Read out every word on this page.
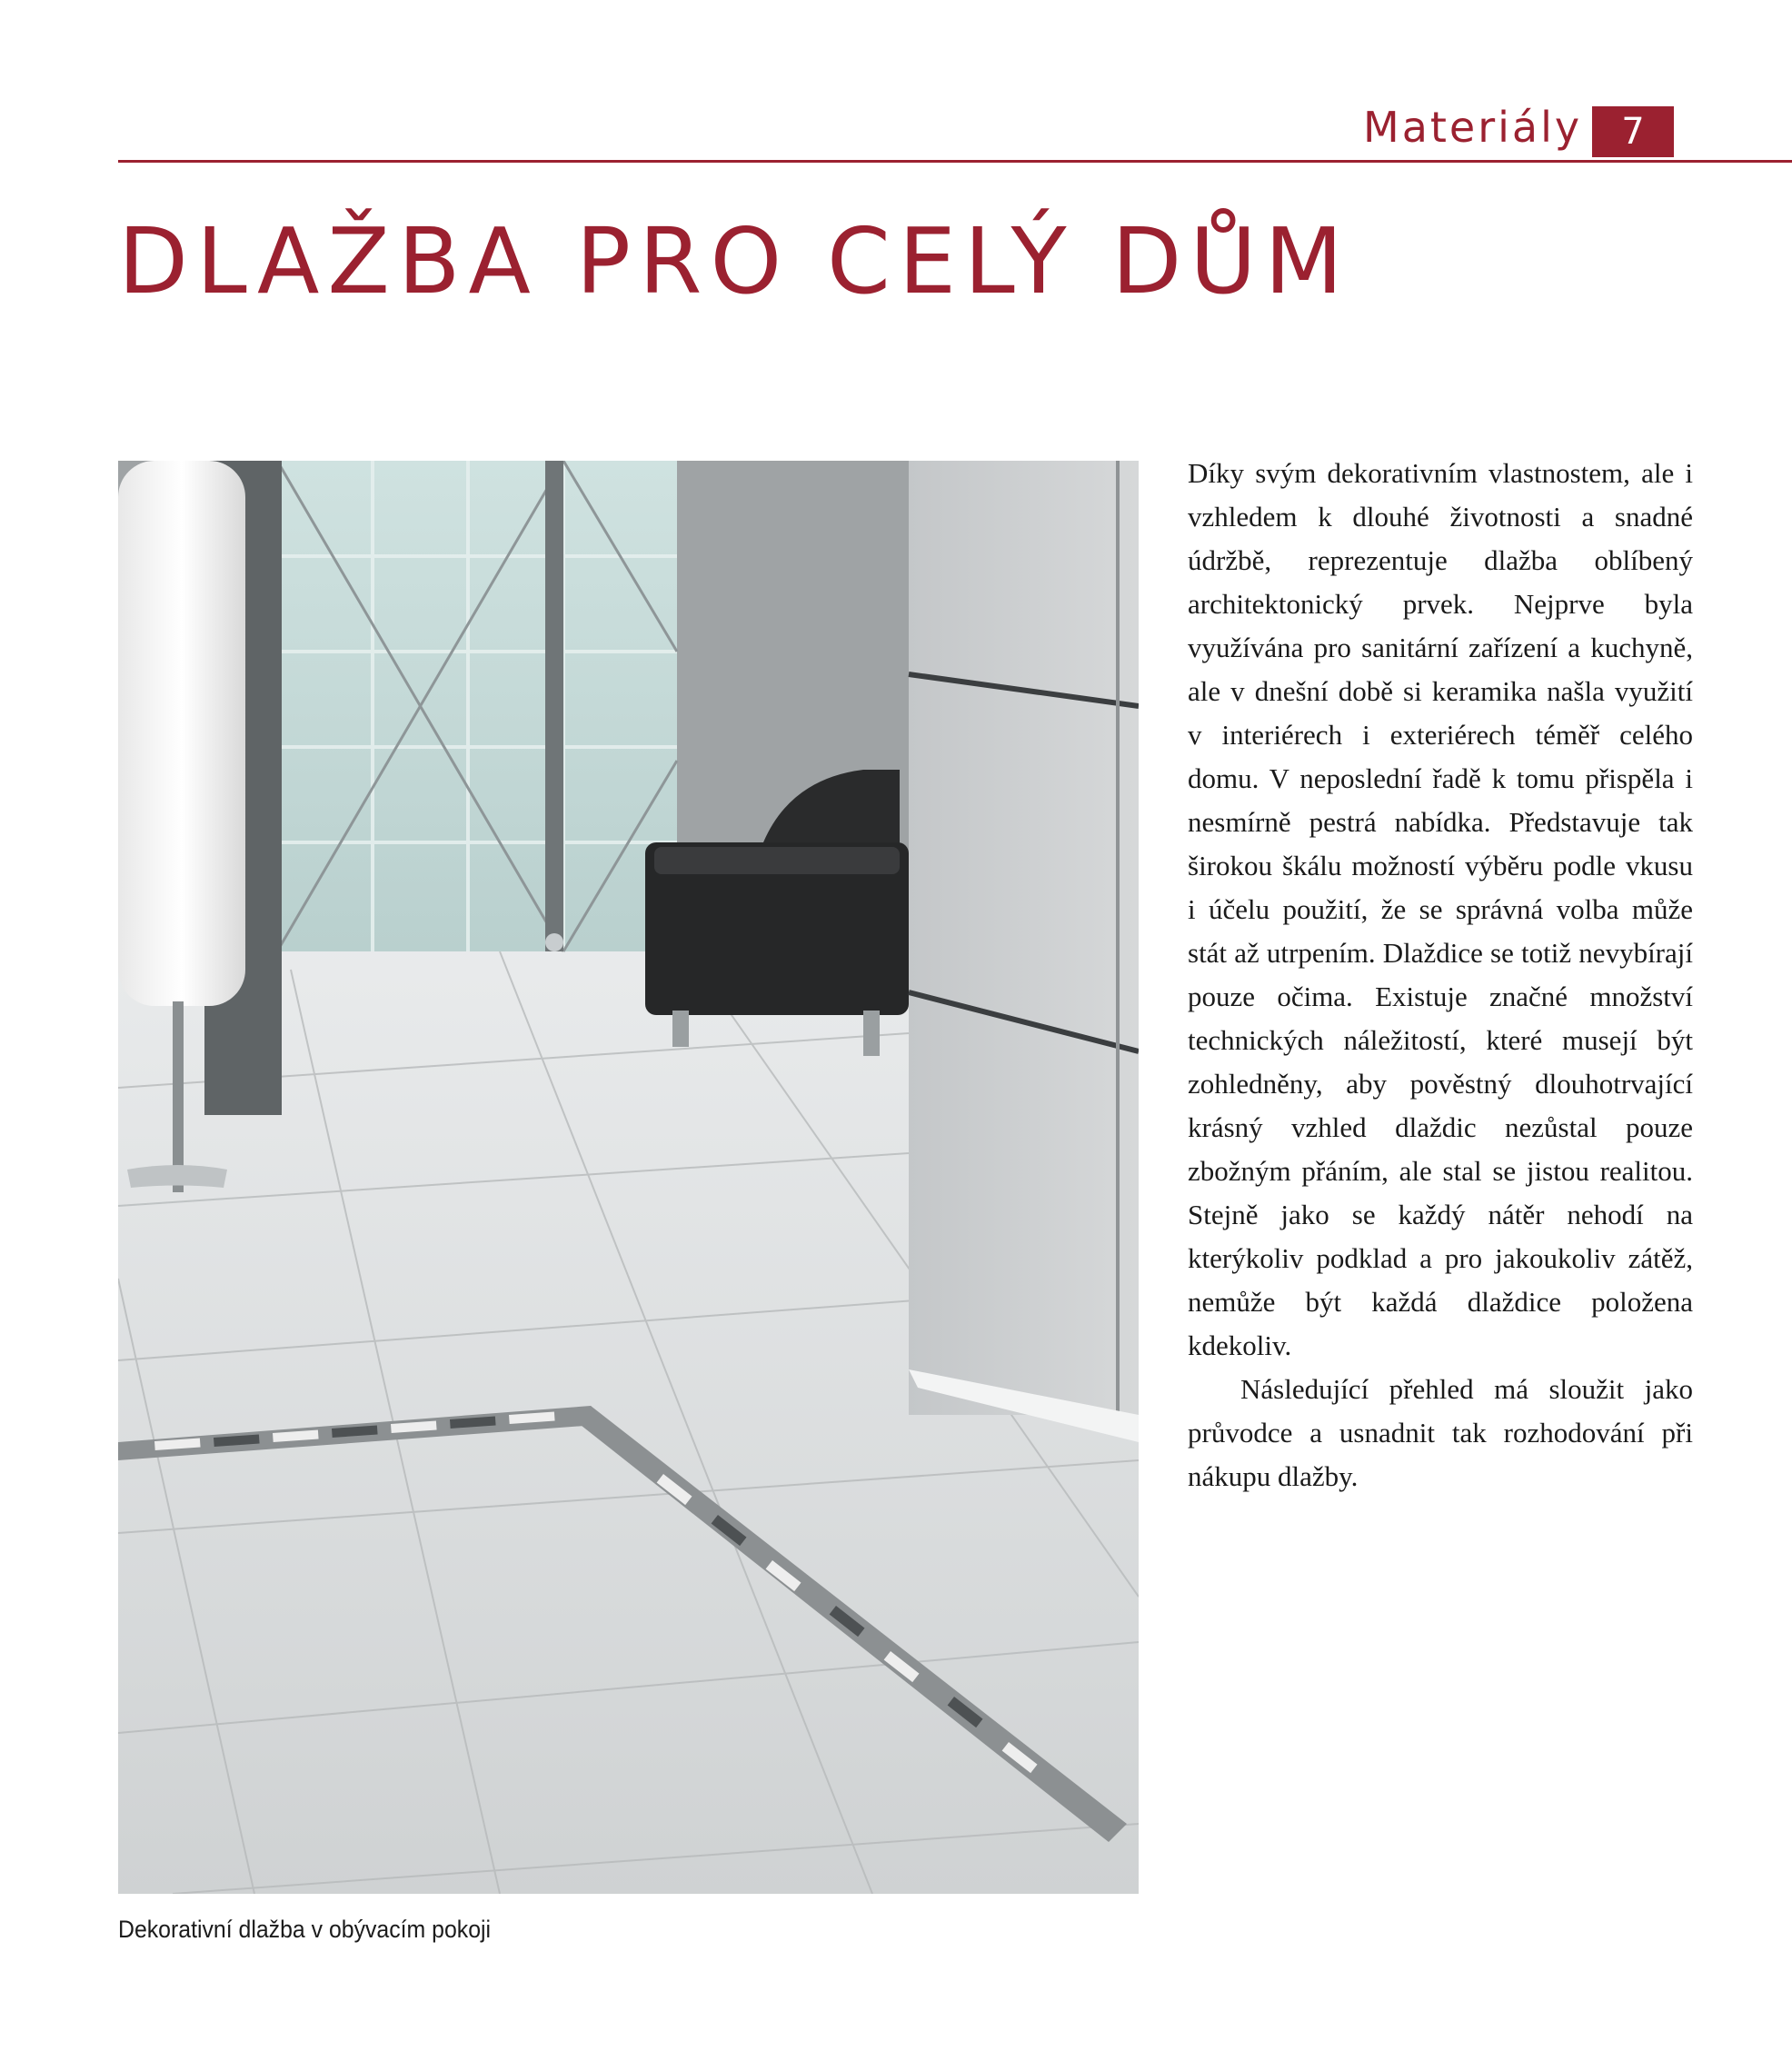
Materiály	7
DLAŽBA PRO CELÝ DŮM
Dekorativní dlažba v obývacím pokoji

Díky svým dekorativním vlastnostem, ale i vzhledem k dlouhé životnosti a snadné údržbě, reprezentuje dlažba oblíbený architektonický prvek. Nejprve byla využívána pro sanitární zařízení a kuchyně, ale v dnešní době si keramika našla využití v interiérech i exteriérech téměř celého domu. V neposlední řadě k tomu přispěla i nesmírně pestrá nabídka. Představuje tak širokou škálu možností výběru podle vkusu i účelu použití, že se správná volba může stát až utrpením. Dlaždice se totiž nevybírají pouze očima. Existuje značné množství technických náležitostí, které musejí být zohledněny, aby pověstný dlouhotrvající krásný vzhled dlaždic nezůstal pouze zbožným přáním, ale stal se jistou realitou. Stejně jako se každý nátěr nehodí na kterýkoliv podklad a pro jakoukoliv zátěž, nemůže být každá dlaždice položena kdekoliv.

Následující přehled má sloužit jako průvodce a usnadnit tak rozhodování při nákupu dlažby.
